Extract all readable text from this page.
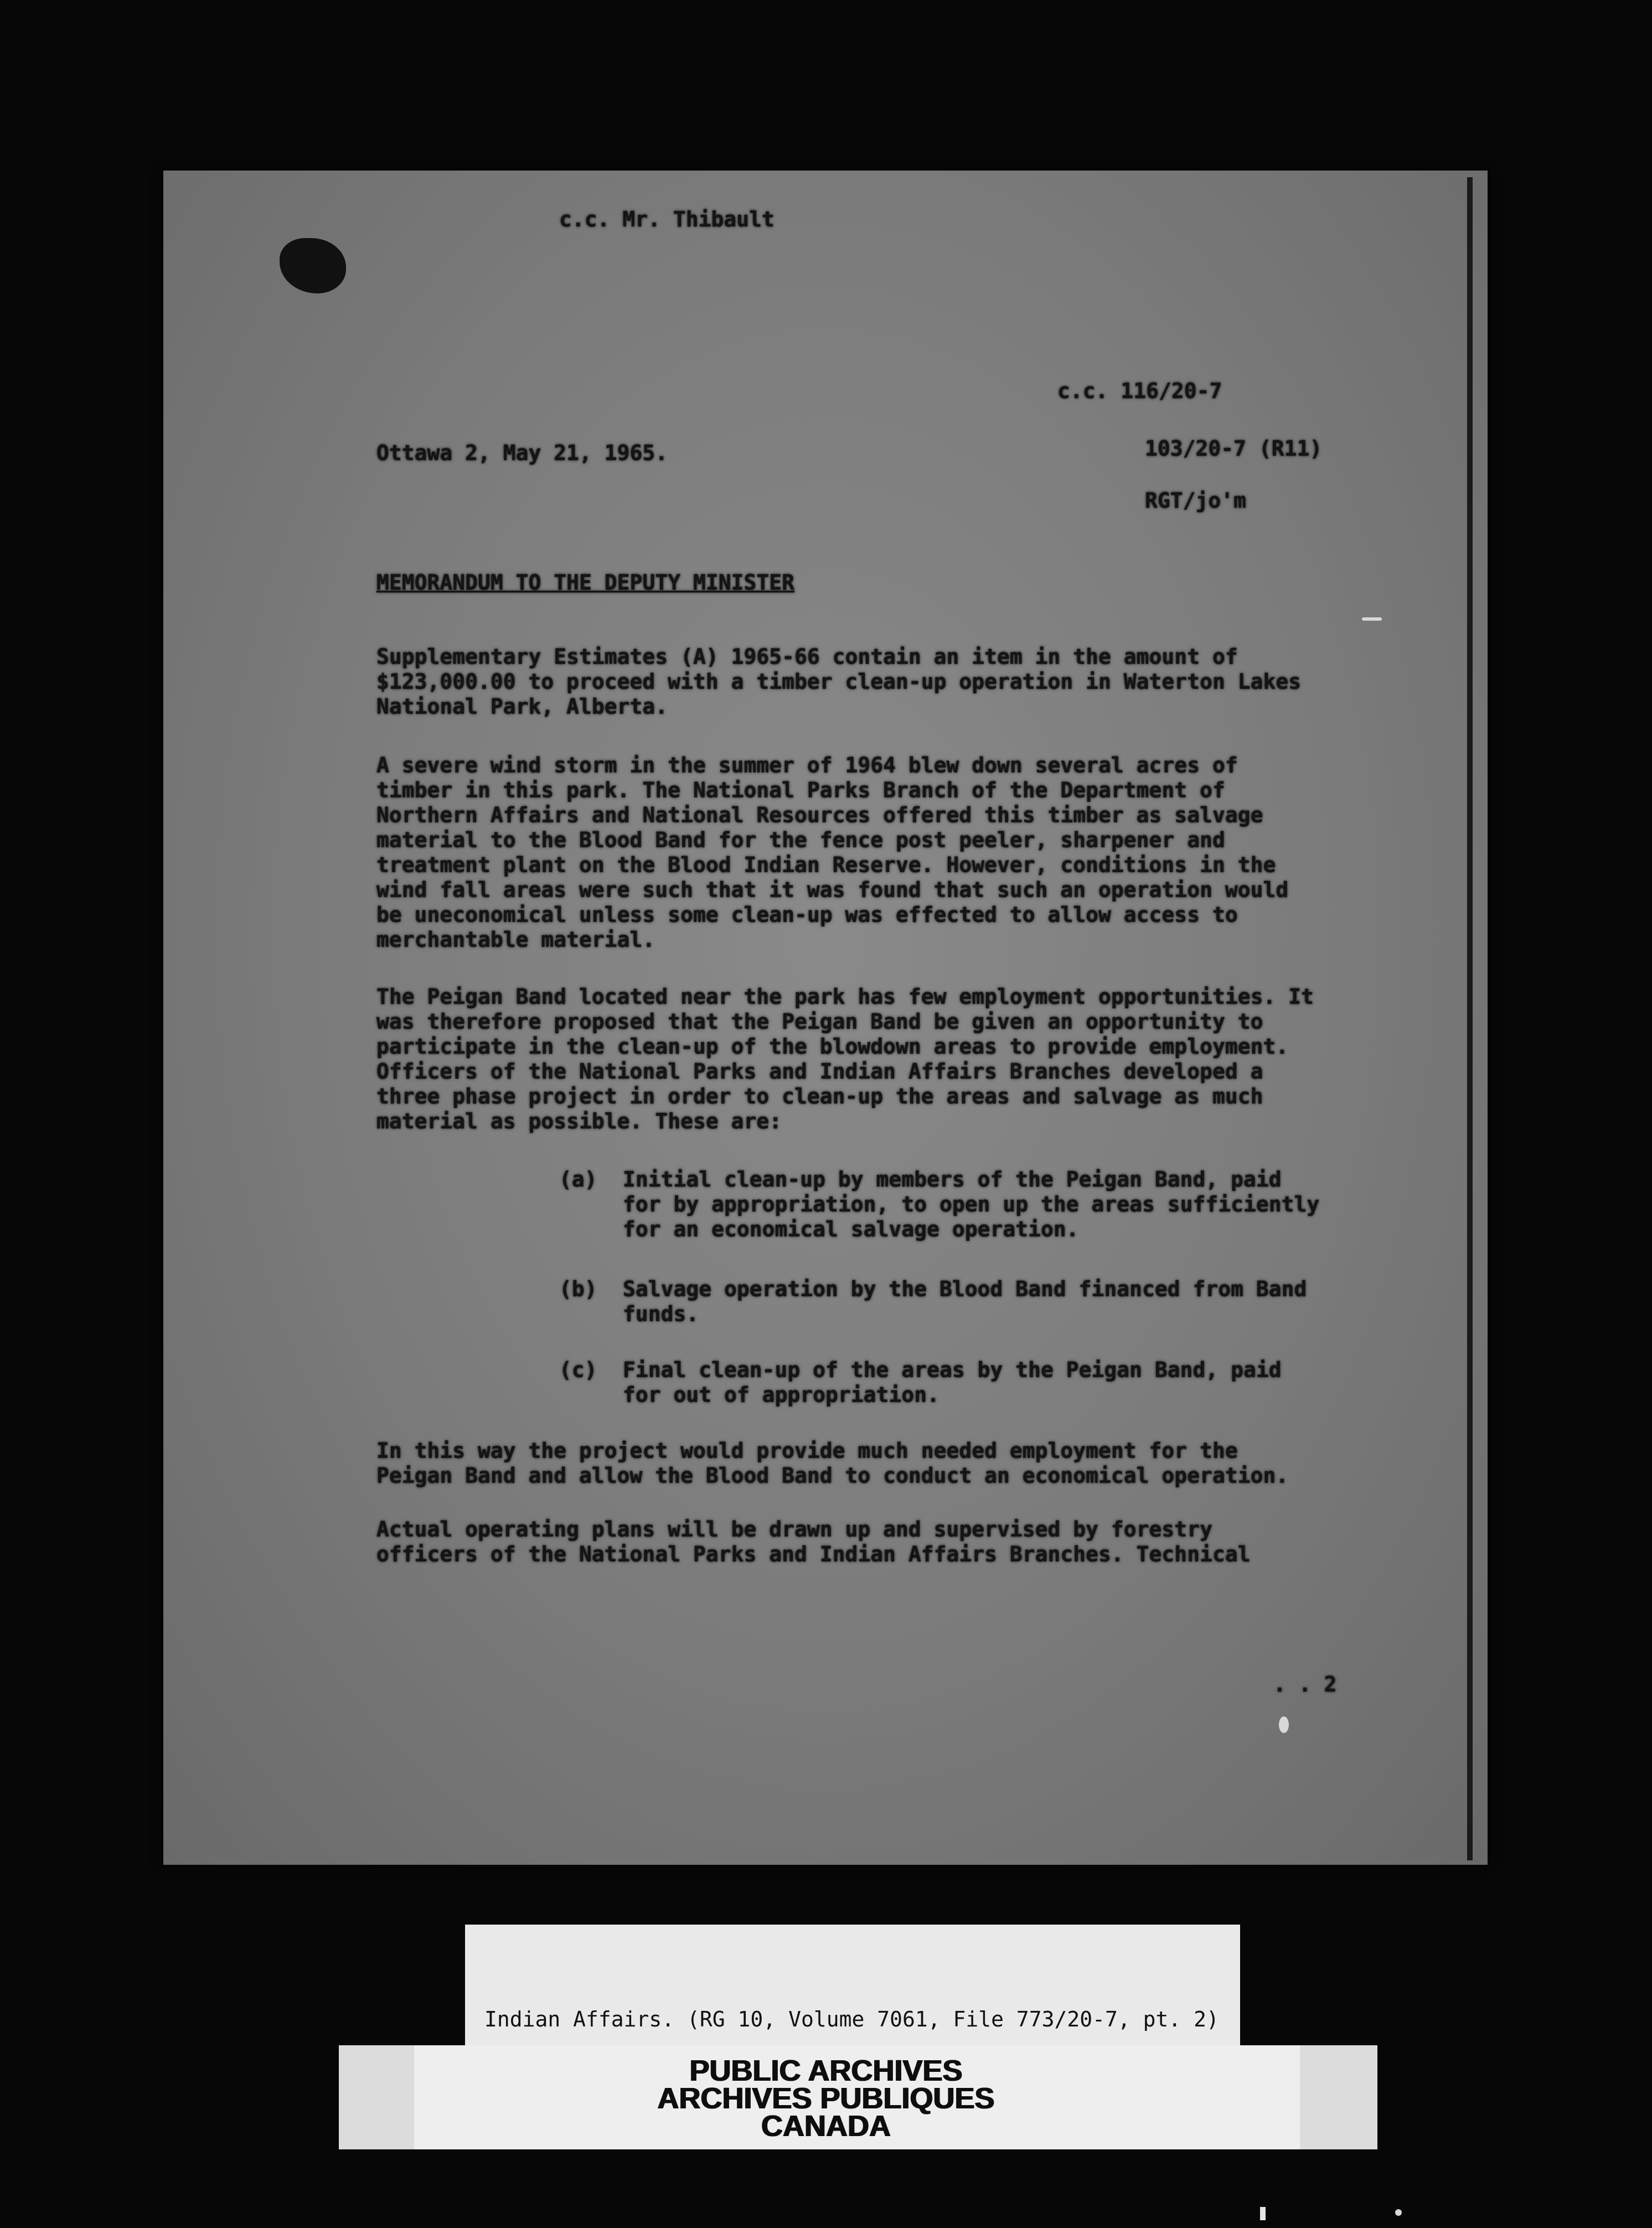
c.c. Mr. Thibault
c.c. 116/20-7
103/20-7 (R11)
RGT/jo'm
Ottawa 2, May 21, 1965.
MEMORANDUM TO THE DEPUTY MINISTER
Supplementary Estimates (A) 1965-66 contain an item in the amount of $123,000.00 to proceed with a timber clean-up operation in Waterton Lakes National Park, Alberta.
A severe wind storm in the summer of 1964 blew down several acres of timber in this park. The National Parks Branch of the Department of Northern Affairs and National Resources offered this timber as salvage material to the Blood Band for the fence post peeler, sharpener and treatment plant on the Blood Indian Reserve. However, conditions in the wind fall areas were such that it was found that such an operation would be uneconomical unless some clean-up was effected to allow access to merchantable material.
The Peigan Band located near the park has few employment opportunities. It was therefore proposed that the Peigan Band be given an opportunity to participate in the clean-up of the blowdown areas to provide employment. Officers of the National Parks and Indian Affairs Branches developed a three phase project in order to clean-up the areas and salvage as much material as possible. These are:
(a)	Initial clean-up by members of the Peigan Band, paid for by appropriation, to open up the areas sufficiently for an economical salvage operation.
(b)	Salvage operation by the Blood Band financed from Band funds.
(c)	Final clean-up of the areas by the Peigan Band, paid for out of appropriation.
In this way the project would provide much needed employment for the Peigan Band and allow the Blood Band to conduct an economical operation.
Actual operating plans will be drawn up and supervised by forestry officers of the National Parks and Indian Affairs Branches. Technical
. . 2
Indian Affairs. (RG 10, Volume 7061, File 773/20-7, pt. 2)
PUBLIC ARCHIVES
ARCHIVES PUBLIQUES
CANADA
